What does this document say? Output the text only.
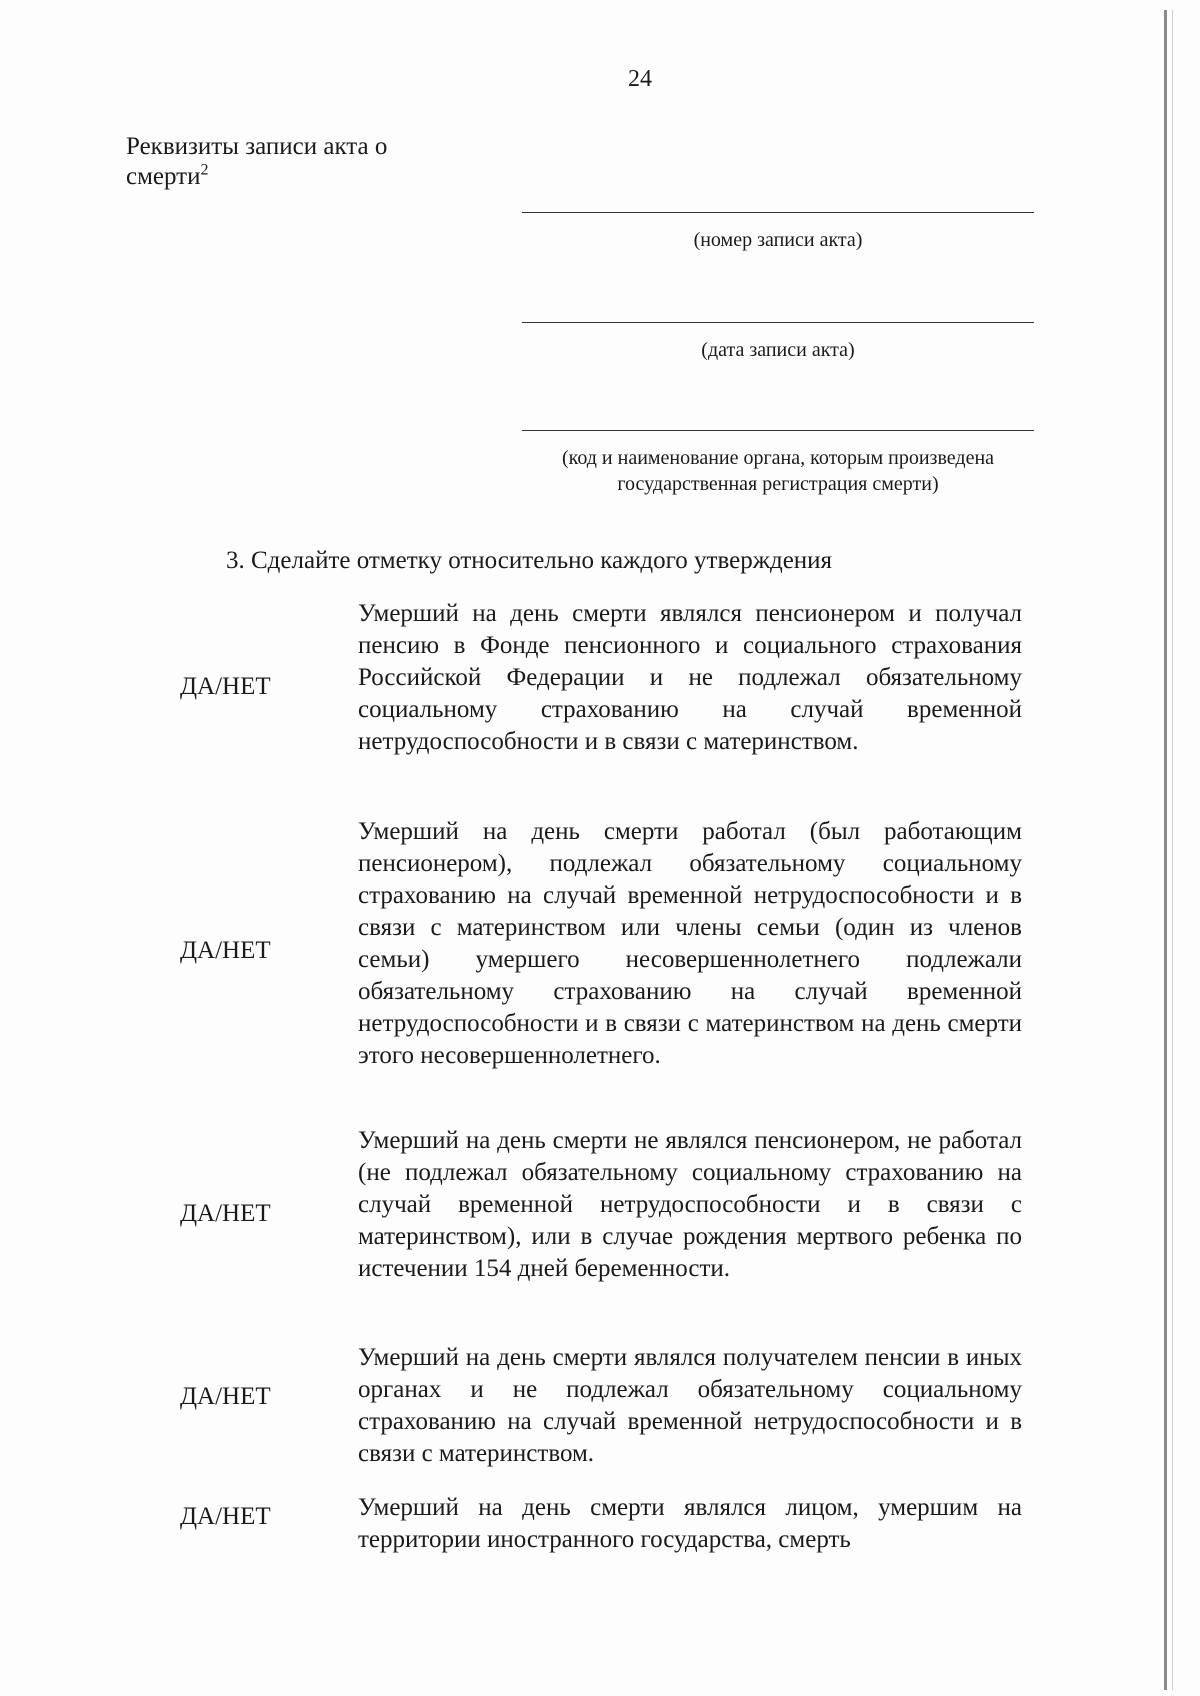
24
Реквизиты записи акта о смерти$^2$
(номер записи акта)
(дата записи акта)
(код и наименование органа, которым произведена государственная регистрация смерти)
3. Сделайте отметку относительно каждого утверждения
ДА/НЕТ
Умерший на день смерти являлся пенсионером и получал пенсию в Фонде пенсионного и социального страхования Российской Федерации и не подлежал обязательному социальному страхованию на случай временной нетрудоспособности и в связи с материнством.
ДА/НЕТ
Умерший на день смерти работал (был работающим пенсионером), подлежал обязательному социальному страхованию на случай временной нетрудоспособности и в связи с материнством или члены семьи (один из членов семьи) умершего несовершеннолетнего подлежали обязательному страхованию на случай временной нетрудоспособности и в связи с материнством на день смерти этого несовершеннолетнего.
ДА/НЕТ
Умерший на день смерти не являлся пенсионером, не работал (не подлежал обязательному социальному страхованию на случай временной нетрудоспособности и в связи с материнством), или в случае рождения мертвого ребенка по истечении 154 дней беременности.
ДА/НЕТ
Умерший на день смерти являлся получателем пенсии в иных органах и не подлежал обязательному социальному страхованию на случай временной нетрудоспособности и в связи с материнством.
ДА/НЕТ	Умерший на день смерти являлся лицом, умершим на территории иностранного государства, смерть
